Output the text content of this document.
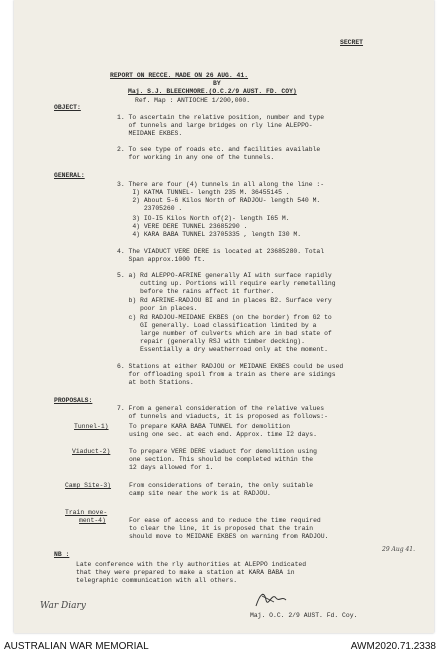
SECRET
REPORT ON RECCE. MADE ON 26 AUG. 41.
BY
Maj. S.J. BLEECHMORE.(O.C.2/9 AUST. FD. COY)
Ref. Map : ANTIOCHE 1/200,000.
OBJECT:
1. To ascertain the relative position, number and type
of tunnels and large bridges on rly line ALEPPO-
MEIDANE EKBES.
2. To see type of roads etc. and facilities available
for working in any one of the tunnels.
GENERAL:
3. There are four (4) tunnels in all along the line :-
I) KATMA TUNNEL- length 235 M. 36455145 .
2) About 5-6 Kilos North of RADJOU- length 540 M.
23705260 .
3) IO-I5 Kilos North of(2)- length I65 M.
4) VERE DERE TUNNEL 23685290 .
4) KARA BABA TUNNEL 23705335 , length I30 M.
4. The VIADUCT VERE DERE is located at 23685280. Total
Span approx.1000 ft.
5. a) Rd ALEPPO-AFRINE generally AI with surface rapidly
cutting up. Portions will require early remetalling
before the rains affect it further.
b) Rd AFRINE-RADJOU BI and in places B2. Surface very
poor in places.
c) Rd RADJOU-MEIDANE EKBES (on the border) from G2 to
GI generally. Load classification limited by a
large number of culverts which are in bad state of
repair (generally RSJ with timber decking).
Essentially a dry weatherroad only at the moment.
6. Stations at either RADJOU or MEIDANE EKBES could be used
for offloading spoil from a train as there are sidings
at both Stations.
PROPOSALS:
7. From a general consideration of the relative values
of tunnels and viaducts, it is proposed as follows:-
Tunnel-1)	To prepare KARA BABA TUNNEL for demolition
using one sec. at each end. Approx. time I2 days.
Viaduct-2)	To prepare VERE DERE viaduct for demolition using
one section. This should be completed within the
12 days allowed for 1.
Camp Site-3)	From considerations of terain, the only suitable
camp site near the work is at RADJOU.
Train move-
ment-4)	For ease of access and to reduce the time required
to clear the line, it is proposed that the train
should move to MEIDANE EKBES on warning from RADJOU.
29 Aug 41.
NB :
Late conference with the rly authorities at ALEPPO indicated
that they were prepared to make a station at KARA BABA in
telegraphic communication with all others.
War Diary
Maj. O.C. 2/9 AUST. Fd. Coy.
AUSTRALIAN WAR MEMORIAL	AWM2020.71.2338
